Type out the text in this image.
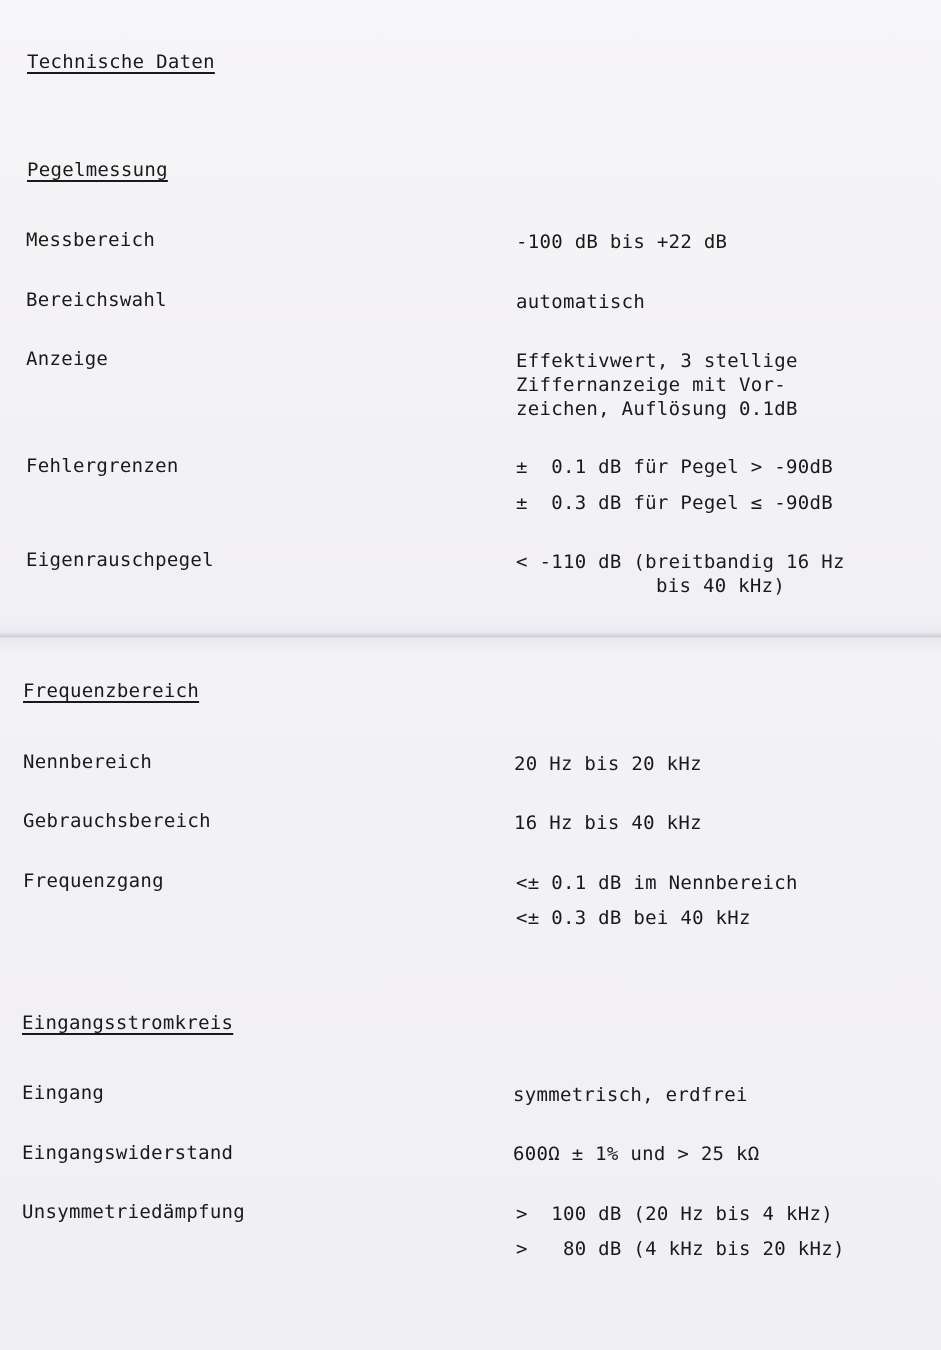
Technische Daten
Pegelmessung
Messbereich	-100 dB bis +22 dB
Bereichswahl	automatisch
Anzeige	Effektivwert, 3 stellige
Ziffernanzeige mit Vor-
zeichen, Auflösung 0.1dB
Fehlergrenzen	±  0.1 dB für Pegel > -90dB
±  0.3 dB für Pegel ≤ -90dB
Eigenrauschpegel	< -110 dB (breitbandig 16 Hz
bis 40 kHz)
Frequenzbereich
Nennbereich	20 Hz bis 20 kHz
Gebrauchsbereich	16 Hz bis 40 kHz
Frequenzgang	<± 0.1 dB im Nennbereich
<± 0.3 dB bei 40 kHz
Eingangsstromkreis
Eingang	symmetrisch, erdfrei
Eingangswiderstand	600Ω ± 1% und > 25 kΩ
Unsymmetriedämpfung	>  100 dB (20 Hz bis 4 kHz)
>   80 dB (4 kHz bis 20 kHz)
